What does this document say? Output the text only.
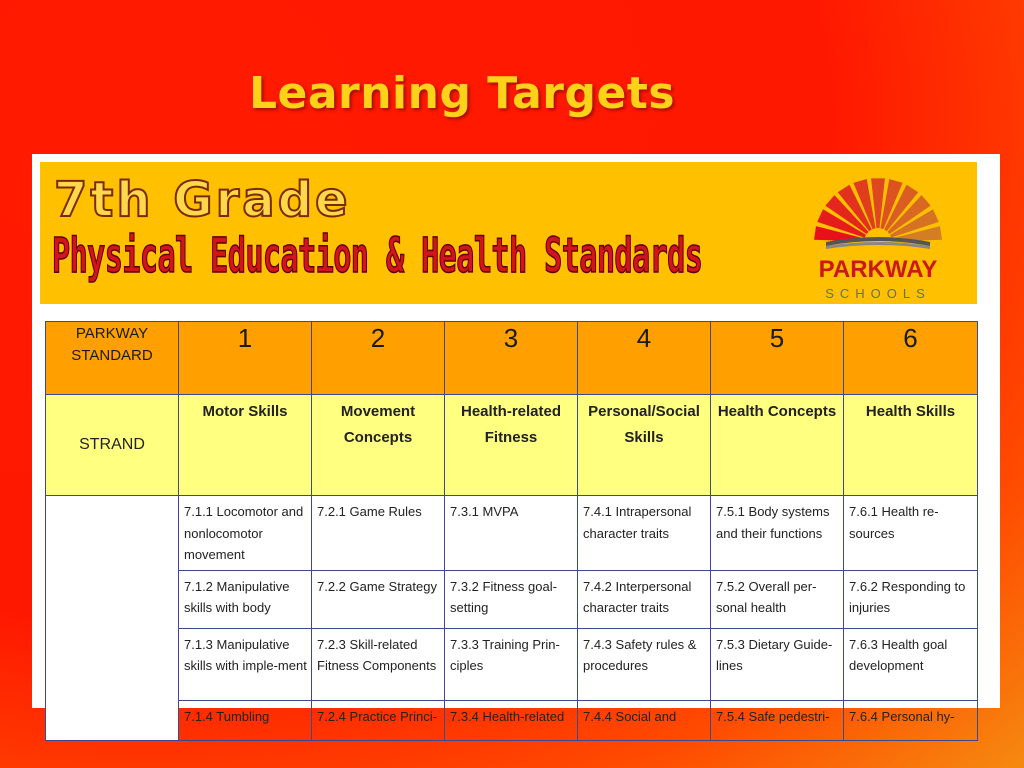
Learning Targets
7th Grade
Physical Education & Health Standards	PARKWAY
SCHOOLS
PARKWAY STANDARD	1	2	3	4	5	6
STRAND	Motor Skills	Movement Concepts	Health-related Fitness	Personal/Social Skills	Health Concepts	Health Skills
	7.1.1 Locomotor and nonlocomotor movement	7.2.1 Game Rules	7.3.1 MVPA	7.4.1 Intrapersonal character traits	7.5.1 Body systems and their functions	7.6.1 Health re-sources
	7.1.2 Manipulative skills with body	7.2.2 Game Strategy	7.3.2 Fitness goal-setting	7.4.2 Interpersonal character traits	7.5.2 Overall per-sonal health	7.6.2 Responding to injuries
	7.1.3 Manipulative skills with imple-ment	7.2.3 Skill-related Fitness Components	7.3.3 Training Prin-ciples	7.4.3 Safety rules & procedures	7.5.3 Dietary Guide-lines	7.6.3 Health goal development
	7.1.4 Tumbling	7.2.4 Practice Princi-	7.3.4 Health-related	7.4.4 Social and	7.5.4 Safe pedestri-	7.6.4 Personal hy-
